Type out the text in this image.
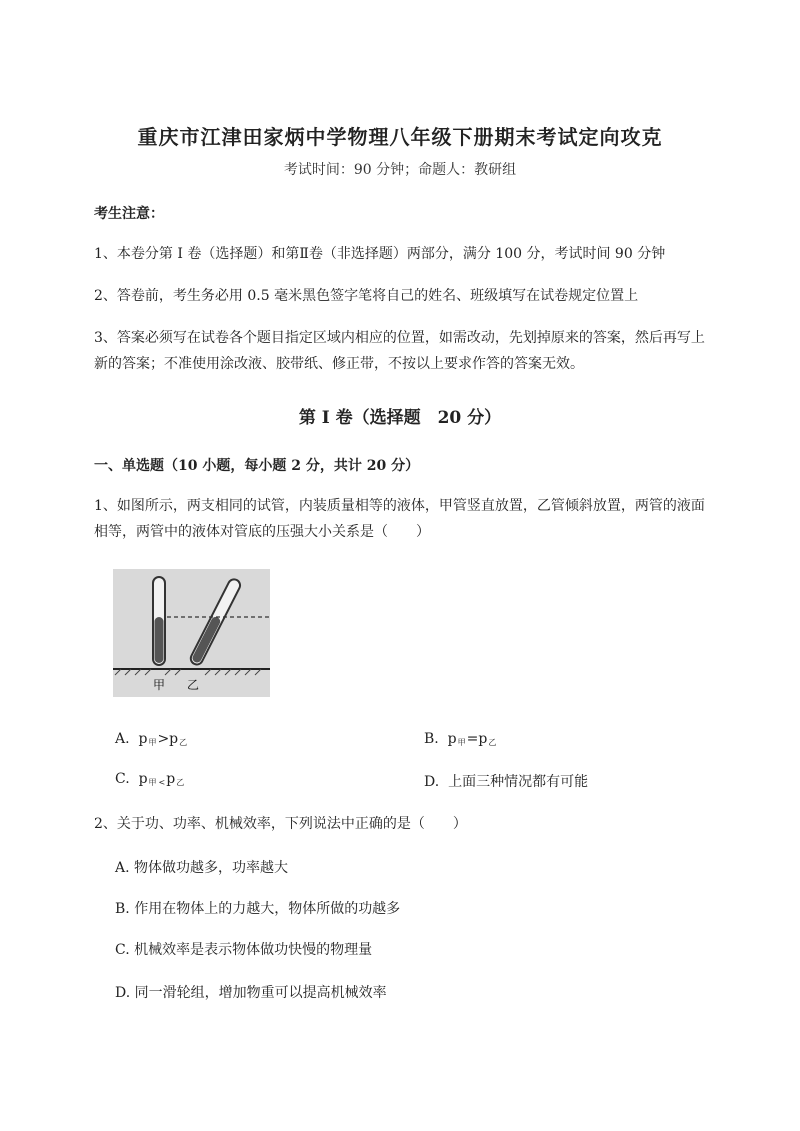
重庆市江津田家炳中学物理八年级下册期末考试定向攻克
考试时间：90 分钟；命题人：教研组
考生注意：
1、本卷分第 I 卷（选择题）和第Ⅱ卷（非选择题）两部分，满分 100 分，考试时间 90 分钟
2、答卷前，考生务必用 0.5 毫米黑色签字笔将自己的姓名、班级填写在试卷规定位置上
3、答案必须写在试卷各个题目指定区域内相应的位置，如需改动，先划掉原来的答案，然后再写上新的答案；不准使用涂改液、胶带纸、修正带，不按以上要求作答的答案无效。
第 I 卷（选择题　20 分）
一、单选题（10 小题，每小题 2 分，共计 20 分）
1、如图所示，两支相同的试管，内装质量相等的液体，甲管竖直放置，乙管倾斜放置，两管的液面相等，两管中的液体对管底的压强大小关系是（　　）
甲 乙
A. $p_甲>p_乙$	B. $p_甲=p_乙$
C. $p_甲$ $_<p_乙$	D. 上面三种情况都有可能
2、关于功、功率、机械效率，下列说法中正确的是（　　）
A. 物体做功越多，功率越大
B. 作用在物体上的力越大，物体所做的功越多
C. 机械效率是表示物体做功快慢的物理量
D. 同一滑轮组，增加物重可以提高机械效率
